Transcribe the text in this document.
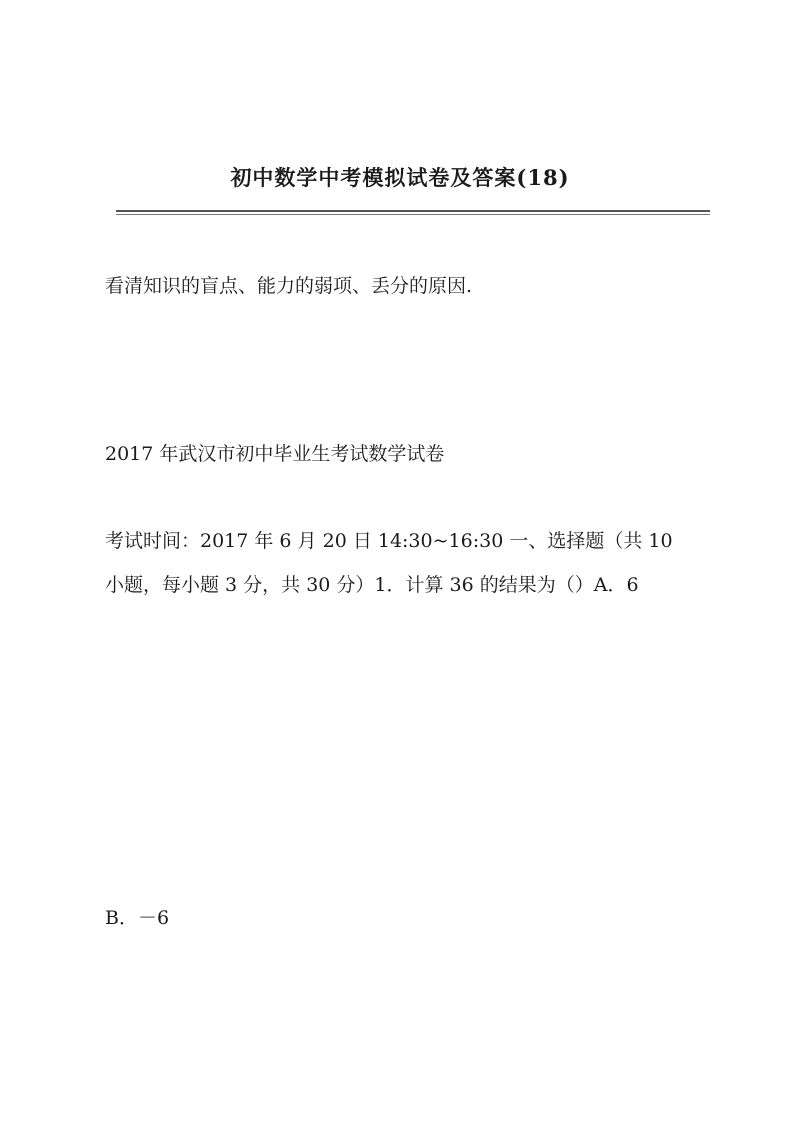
初中数学中考模拟试卷及答案(18)

看清知识的盲点、能力的弱项、丢分的原因.

2017 年武汉市初中毕业生考试数学试卷

考试时间：2017 年 6 月 20 日 14:30~16:30 一、选择题（共 10

小题，每小题 3 分，共 30 分）1．计算 36 的结果为（）A．6

B．－6
